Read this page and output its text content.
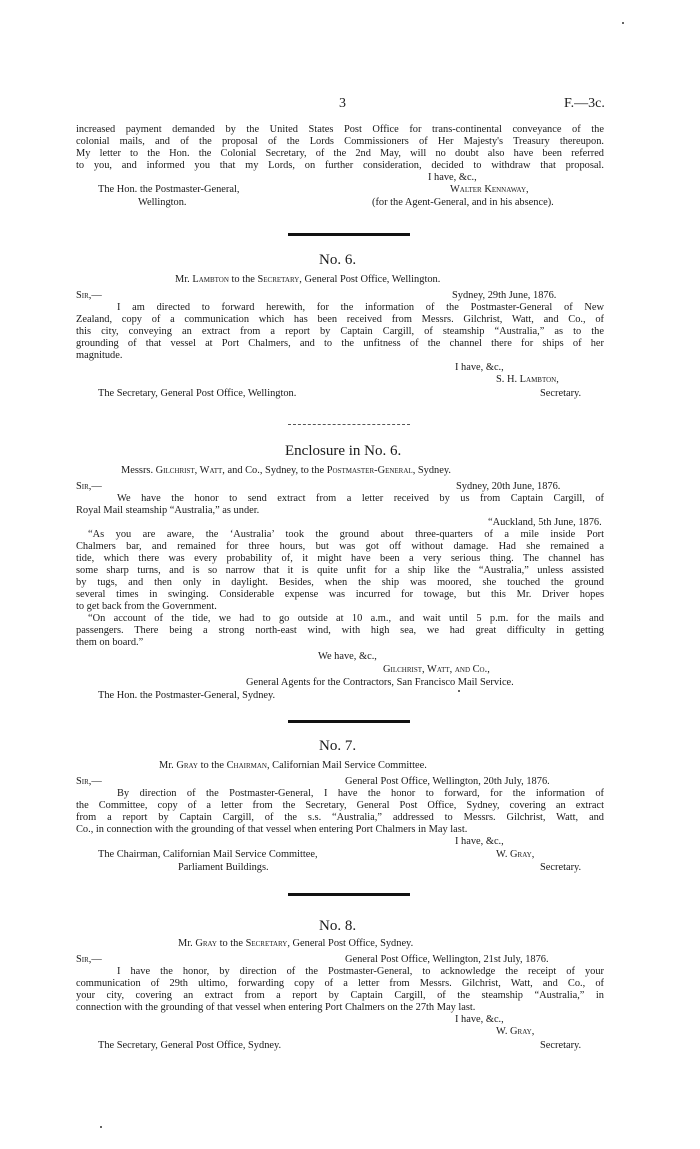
3	F.—3c.
increased payment demanded by the United States Post Office for trans-continental conveyance of the
colonial mails, and of the proposal of the Lords Commissioners of Her Majesty's Treasury thereupon.
My letter to the Hon. the Colonial Secretary, of the 2nd May, will no doubt also have been referred
to you, and informed you that my Lords, on further consideration, decided to withdraw that proposal.
I have, &c.,
The Hon. the Postmaster-General,	Walter Kennaway,
Wellington.	(for the Agent-General, and in his absence).
No. 6.
Mr. Lambton to the Secretary, General Post Office, Wellington.
Sir,—	Sydney, 29th June, 1876.
I am directed to forward herewith, for the information of the Postmaster-General of New
Zealand, copy of a communication which has been received from Messrs. Gilchrist, Watt, and Co., of
this city, conveying an extract from a report by Captain Cargill, of steamship “Australia,” as to the
grounding of that vessel at Port Chalmers, and to the unfitness of the channel there for ships of her
magnitude.
I have, &c.,
S. H. Lambton,
The Secretary, General Post Office, Wellington.	Secretary.
Enclosure in No. 6.
Messrs. Gilchrist, Watt, and Co., Sydney, to the Postmaster-General, Sydney.
Sir,—	Sydney, 20th June, 1876.
We have the honor to send extract from a letter received by us from Captain Cargill, of
Royal Mail steamship “Australia,” as under.
“Auckland, 5th June, 1876.
“As you are aware, the ‘Australia’ took the ground about three-quarters of a mile inside Port
Chalmers bar, and remained for three hours, but was got off without damage. Had she remained a
tide, which there was every probability of, it might have been a very serious thing. The channel has
some sharp turns, and is so narrow that it is quite unfit for a ship like the “Australia,” unless assisted
by tugs, and then only in daylight. Besides, when the ship was moored, she touched the ground
several times in swinging. Considerable expense was incurred for towage, but this Mr. Driver hopes
to get back from the Government.
“On account of the tide, we had to go outside at 10 a.m., and wait until 5 p.m. for the mails and
passengers. There being a strong north-east wind, with high sea, we had great difficulty in getting
them on board.”
We have, &c.,
Gilchrist, Watt, and Co.,
General Agents for the Contractors, San Francisco Mail Service.
The Hon. the Postmaster-General, Sydney.
No. 7.
Mr. Gray to the Chairman, Californian Mail Service Committee.
Sir,—	General Post Office, Wellington, 20th July, 1876.
By direction of the Postmaster-General, I have the honor to forward, for the information of
the Committee, copy of a letter from the Secretary, General Post Office, Sydney, covering an extract
from a report by Captain Cargill, of the s.s. “Australia,” addressed to Messrs. Gilchrist, Watt, and
Co., in connection with the grounding of that vessel when entering Port Chalmers in May last.
I have, &c.,
The Chairman, Californian Mail Service Committee,	W. Gray,
Parliament Buildings.	Secretary.
No. 8.
Mr. Gray to the Secretary, General Post Office, Sydney.
Sir,—	General Post Office, Wellington, 21st July, 1876.
I have the honor, by direction of the Postmaster-General, to acknowledge the receipt of your
communication of 29th ultimo, forwarding copy of a letter from Messrs. Gilchrist, Watt, and Co., of
your city, covering an extract from a report by Captain Cargill, of the steamship “Australia,” in
connection with the grounding of that vessel when entering Port Chalmers on the 27th May last.
I have, &c.,
W. Gray,
The Secretary, General Post Office, Sydney.	Secretary.
